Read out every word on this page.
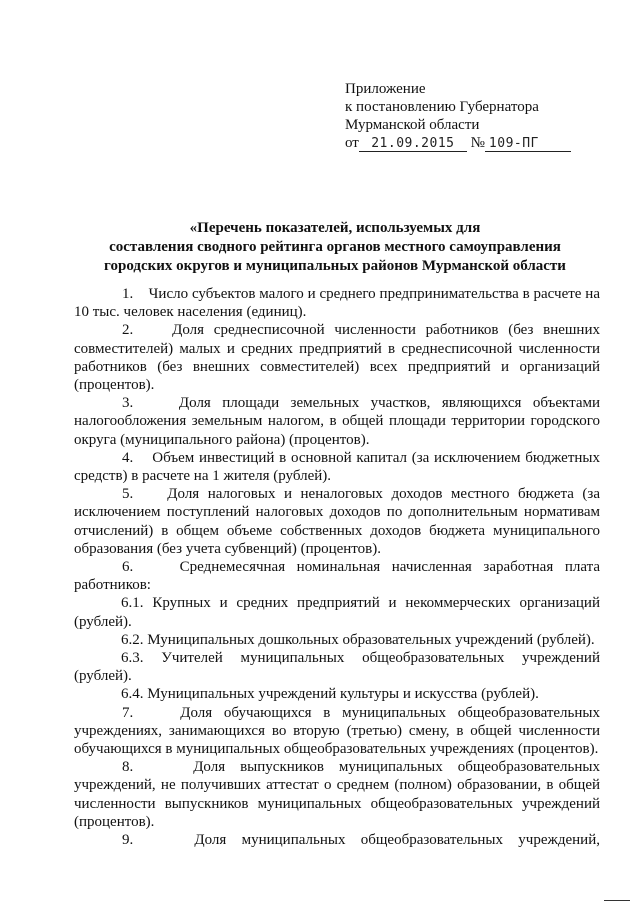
Приложение
к постановлению Губернатора
Мурманской области
от 21.09.2015 № 109-ПГ
«Перечень показателей, используемых для
составления сводного рейтинга органов местного самоуправления
городских округов и муниципальных районов Мурманской области

1.    Число субъектов малого и среднего предпринимательства в расчете на 10 тыс. человек населения (единиц).

2.    Доля среднесписочной численности работников (без внешних совместителей) малых и средних предприятий в среднесписочной численности работников (без внешних совместителей) всех предприятий и организаций (процентов).

3.    Доля площади земельных участков, являющихся объектами налогообложения земельным налогом, в общей площади территории городского округа (муниципального района) (процентов).

4.    Объем инвестиций в основной капитал (за исключением бюджетных средств) в расчете на 1 жителя (рублей).

5.    Доля налоговых и неналоговых доходов местного бюджета (за исключением поступлений налоговых доходов по дополнительным нормативам отчислений) в общем объеме собственных доходов бюджета муниципального образования (без учета субвенций) (процентов).

6.    Среднемесячная номинальная начисленная заработная плата работников:

6.1. Крупных и средних предприятий и некоммерческих организаций (рублей).

6.2. Муниципальных дошкольных образовательных учреждений (рублей).

6.3. Учителей муниципальных общеобразовательных учреждений (рублей).

6.4. Муниципальных учреждений культуры и искусства (рублей).

7.    Доля обучающихся в муниципальных общеобразовательных учреждениях, занимающихся во вторую (третью) смену, в общей численности обучающихся в муниципальных общеобразовательных учреждениях (процентов).

8.    Доля выпускников муниципальных общеобразовательных учреждений, не получивших аттестат о среднем (полном) образовании, в общей численности выпускников муниципальных общеобразовательных учреждений (процентов).

9.    Доля муниципальных общеобразовательных учреждений,
